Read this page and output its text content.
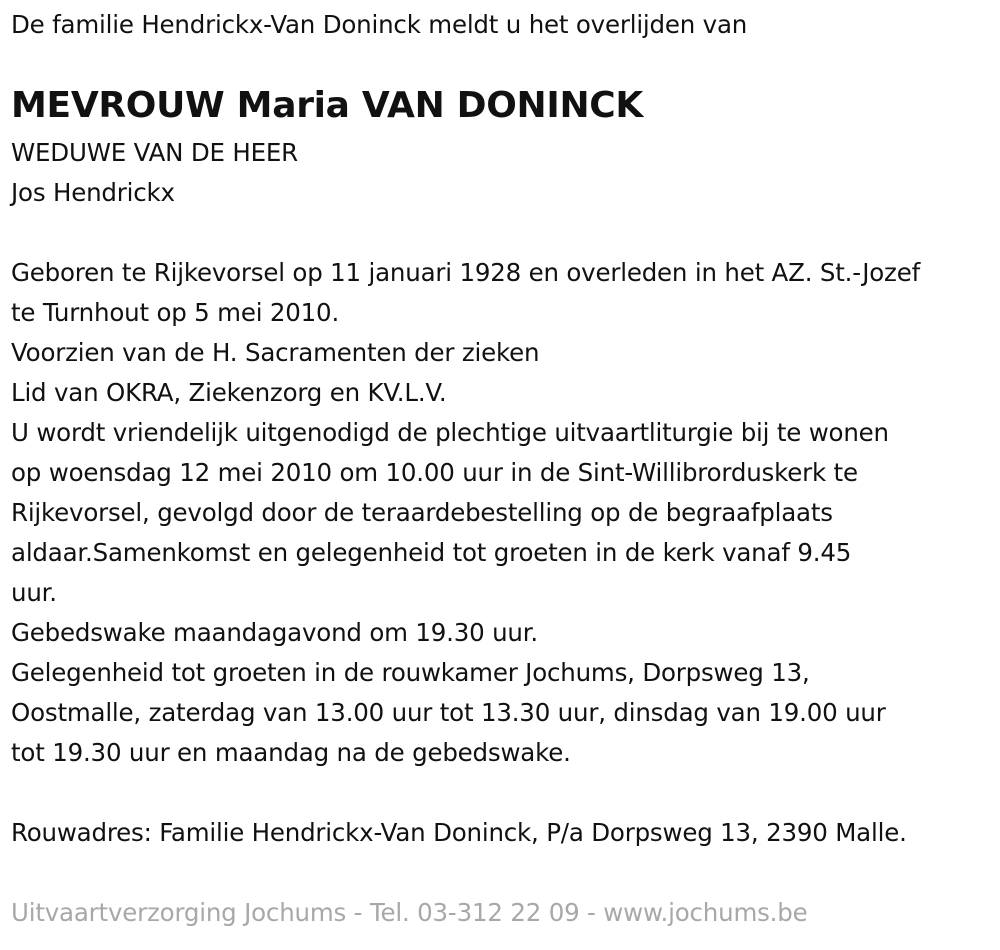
De familie Hendrickx-Van Doninck meldt u het overlijden van
MEVROUW Maria VAN DONINCK
WEDUWE VAN DE HEER
Jos Hendrickx
Geboren te Rijkevorsel op 11 januari 1928 en overleden in het AZ. St.-Jozef
te Turnhout op 5 mei 2010.
Voorzien van de H. Sacramenten der zieken
Lid van OKRA, Ziekenzorg en KV.L.V.
U wordt vriendelijk uitgenodigd de plechtige uitvaartliturgie bij te wonen
op woensdag 12 mei 2010 om 10.00 uur in de Sint-Willibrorduskerk te
Rijkevorsel, gevolgd door de teraardebestelling op de begraafplaats
aldaar.Samenkomst en gelegenheid tot groeten in de kerk vanaf 9.45
uur.
Gebedswake maandagavond om 19.30 uur.
Gelegenheid tot groeten in de rouwkamer Jochums, Dorpsweg 13,
Oostmalle, zaterdag van 13.00 uur tot 13.30 uur, dinsdag van 19.00 uur
tot 19.30 uur en maandag na de gebedswake.
Rouwadres: Familie Hendrickx-Van Doninck, P/a Dorpsweg 13, 2390 Malle.
Uitvaartverzorging Jochums - Tel. 03-312 22 09 - www.jochums.be
